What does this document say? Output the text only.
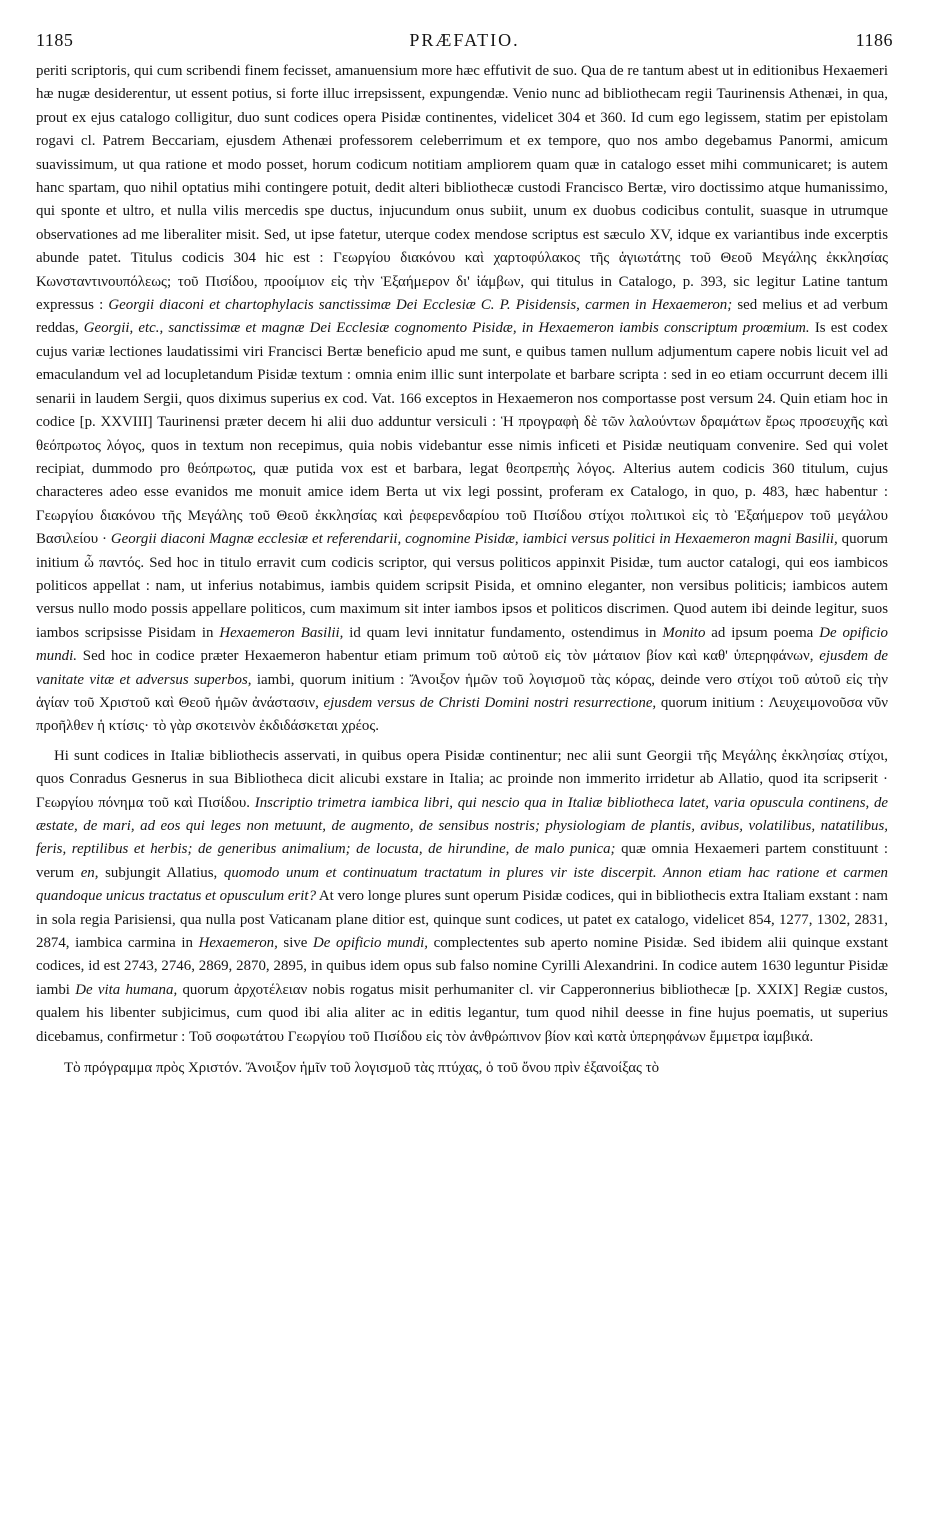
1185	PRÆFATIO.	1186

periti scriptoris, qui cum scribendi finem fecisset, amanuensium more hæc effutivit de suo. Qua de re tantum abest ut in editionibus Hexaemeri hæ nugæ desiderentur, ut essent potius, si forte illuc irrepsissent, expungendæ. Venio nunc ad bibliothecam regii Taurinensis Athenæi, in qua, prout ex ejus catalogo colligitur, duo sunt codices opera Pisidæ continentes, videlicet 304 et 360. Id cum ego legissem, statim per epistolam rogavi cl. Patrem Beccariam, ejusdem Athenæi professorem celeberrimum et ex tempore, quo nos ambo degebamus Panormi, amicum suavissimum, ut qua ratione et modo posset, horum codicum notitiam ampliorem quam quæ in catalogo esset mihi communicaret; is autem hanc spartam, quo nihil optatius mihi contingere potuit, dedit alteri bibliothecæ custodi Francisco Bertæ, viro doctissimo atque humanissimo, qui sponte et ultro, et nulla vilis mercedis spe ductus, injucundum onus subiit, unum ex duobus codicibus contulit, suasque in utrumque observationes ad me liberaliter misit. Sed, ut ipse fatetur, uterque codex mendose scriptus est sæculo XV, idque ex variantibus inde excerptis abunde patet. Titulus codicis 304 hic est : Γεωργίου διακόνου καὶ χαρτοφύλακος τῆς ἁγιωτάτης τοῦ Θεοῦ Μεγάλης ἐκκλησίας Κωνσταντινουπόλεως; τοῦ Πισίδου, προοίμιον εἰς τὴν Ἑξαήμερον δι' ἰάμβων, qui titulus in Catalogo, p. 393, sic legitur Latine tantum expressus : Georgii diaconi et chartophylacis sanctissimæ Dei Ecclesiæ C. P. Pisidensis, carmen in Hexaemeron; sed melius et ad verbum reddas, Georgii, etc., sanctissimæ et magnæ Dei Ecclesiæ cognomento Pisidæ, in Hexaemeron iambis conscriptum proœmium. Is est codex cujus variæ lectiones laudatissimi viri Francisci Bertæ beneficio apud me sunt, e quibus tamen nullum adjumentum capere nobis licuit vel ad emaculandum vel ad locupletandum Pisidæ textum : omnia enim illic sunt interpolate et barbare scripta : sed in eo etiam occurrunt decem illi senarii in laudem Sergii, quos diximus superius ex cod. Vat. 166 exceptos in Hexaemeron nos comportasse post versum 24. Quin etiam hoc in codice [p. XXVIII] Taurinensi præter decem hi alii duo adduntur versiculi : Ἡ προγραφὴ δὲ τῶν λαλούντων δραμάτων ἔρως προσευχῆς καὶ θεόπρωτος λόγος, quos in textum non recepimus, quia nobis videbantur esse nimis inficeti et Pisidæ neutiquam convenire. Sed qui volet recipiat, dummodo pro θεόπρωτος, quæ putida vox est et barbara, legat θεοπρεπὴς λόγος. Alterius autem codicis 360 titulum, cujus characteres adeo esse evanidos me monuit amice idem Berta ut vix legi possint, proferam ex Catalogo, in quo, p. 483, hæc habentur : Γεωργίου διακόνου τῆς Μεγάλης τοῦ Θεοῦ ἐκκλησίας καὶ ῥεφερενδαρίου τοῦ Πισίδου στίχοι πολιτικοὶ εἰς τὸ Ἑξαήμερον τοῦ μεγάλου Βασιλείου · Georgii diaconi Magnæ ecclesiæ et referendarii, cognomine Pisidæ, iambici versus politici in Hexaemeron magni Basilii, quorum initium ὦ παντός. Sed hoc in titulo erravit cum codicis scriptor, qui versus politicos appinxit Pisidæ, tum auctor catalogi, qui eos iambicos politicos appellat : nam, ut inferius notabimus, iambis quidem scripsit Pisida, et omnino eleganter, non versibus politicis; iambicos autem versus nullo modo possis appellare politicos, cum maximum sit inter iambos ipsos et politicos discrimen. Quod autem ibi deinde legitur, suos iambos scripsisse Pisidam in Hexaemeron Basilii, id quam levi innitatur fundamento, ostendimus in Monito ad ipsum poema De opificio mundi. Sed hoc in codice præter Hexaemeron habentur etiam primum τοῦ αὐτοῦ εἰς τὸν μάταιον βίον καὶ καθ' ὑπερηφάνων, ejusdem de vanitate vitæ et adversus superbos, iambi, quorum initium : Ἄνοιξον ἡμῶν τοῦ λογισμοῦ τὰς κόρας, deinde vero στίχοι τοῦ αὐτοῦ εἰς τὴν ἁγίαν τοῦ Χριστοῦ καὶ Θεοῦ ἡμῶν ἀνάστασιν, ejusdem versus de Christi Domini nostri resurrectione, quorum initium : Λευχειμονοῦσα νῦν προῆλθεν ἡ κτίσις· τὸ γὰρ σκοτεινὸν ἐκδιδάσκεται χρέος.

Hi sunt codices in Italiæ bibliothecis asservati, in quibus opera Pisidæ continentur; nec alii sunt Georgii τῆς Μεγάλης ἐκκλησίας στίχοι, quos Conradus Gesnerus in sua Bibliotheca dicit alicubi exstare in Italia; ac proinde non immerito irridetur ab Allatio, quod ita scripserit · Γεωργίου πόνημα τοῦ καὶ Πισίδου. Inscriptio trimetra iambica libri, qui nescio qua in Italiæ bibliotheca latet, varia opuscula continens, de æstate, de mari, ad eos qui leges non metuunt, de augmento, de sensibus nostris; physiologiam de plantis, avibus, volatilibus, natatilibus, feris, reptilibus et herbis; de generibus animalium; de locusta, de hirundine, de malo punica; quæ omnia Hexaemeri partem constituunt : verum en, subjungit Allatius, quomodo unum et continuatum tractatum in plures vir iste discerpit. Annon etiam hac ratione et carmen quandoque unicus tractatus et opusculum erit? At vero longe plures sunt operum Pisidæ codices, qui in bibliothecis extra Italiam exstant : nam in sola regia Parisiensi, qua nulla post Vaticanam plane ditior est, quinque sunt codices, ut patet ex catalogo, videlicet 854, 1277, 1302, 2831, 2874, iambica carmina in Hexaemeron, sive De opificio mundi, complectentes sub aperto nomine Pisidæ. Sed ibidem alii quinque exstant codices, id est 2743, 2746, 2869, 2870, 2895, in quibus idem opus sub falso nomine Cyrilli Alexandrini. In codice autem 1630 leguntur Pisidæ iambi De vita humana, quorum ἀρχοτέλειαν nobis rogatus misit perhumaniter cl. vir Capperonnerius bibliothecæ [p. XXIX] Regiæ custos, qualem his libenter subjicimus, cum quod ibi alia aliter ac in editis legantur, tum quod nihil deesse in fine hujus poematis, ut superius dicebamus, confirmetur : Τοῦ σοφωτάτου Γεωργίου τοῦ Πισίδου εἰς τὸν ἀνθρώπινον βίον καὶ κατὰ ὑπερηφάνων ἔμμετρα ἰαμβικά.

Τὸ πρόγραμμα πρὸς Χριστόν. Ἄνοιξον ἡμῖν τοῦ λογισμοῦ τὰς πτύχας, ὁ τοῦ ὄνου πρὶν ἐξανοίξας τὸ
